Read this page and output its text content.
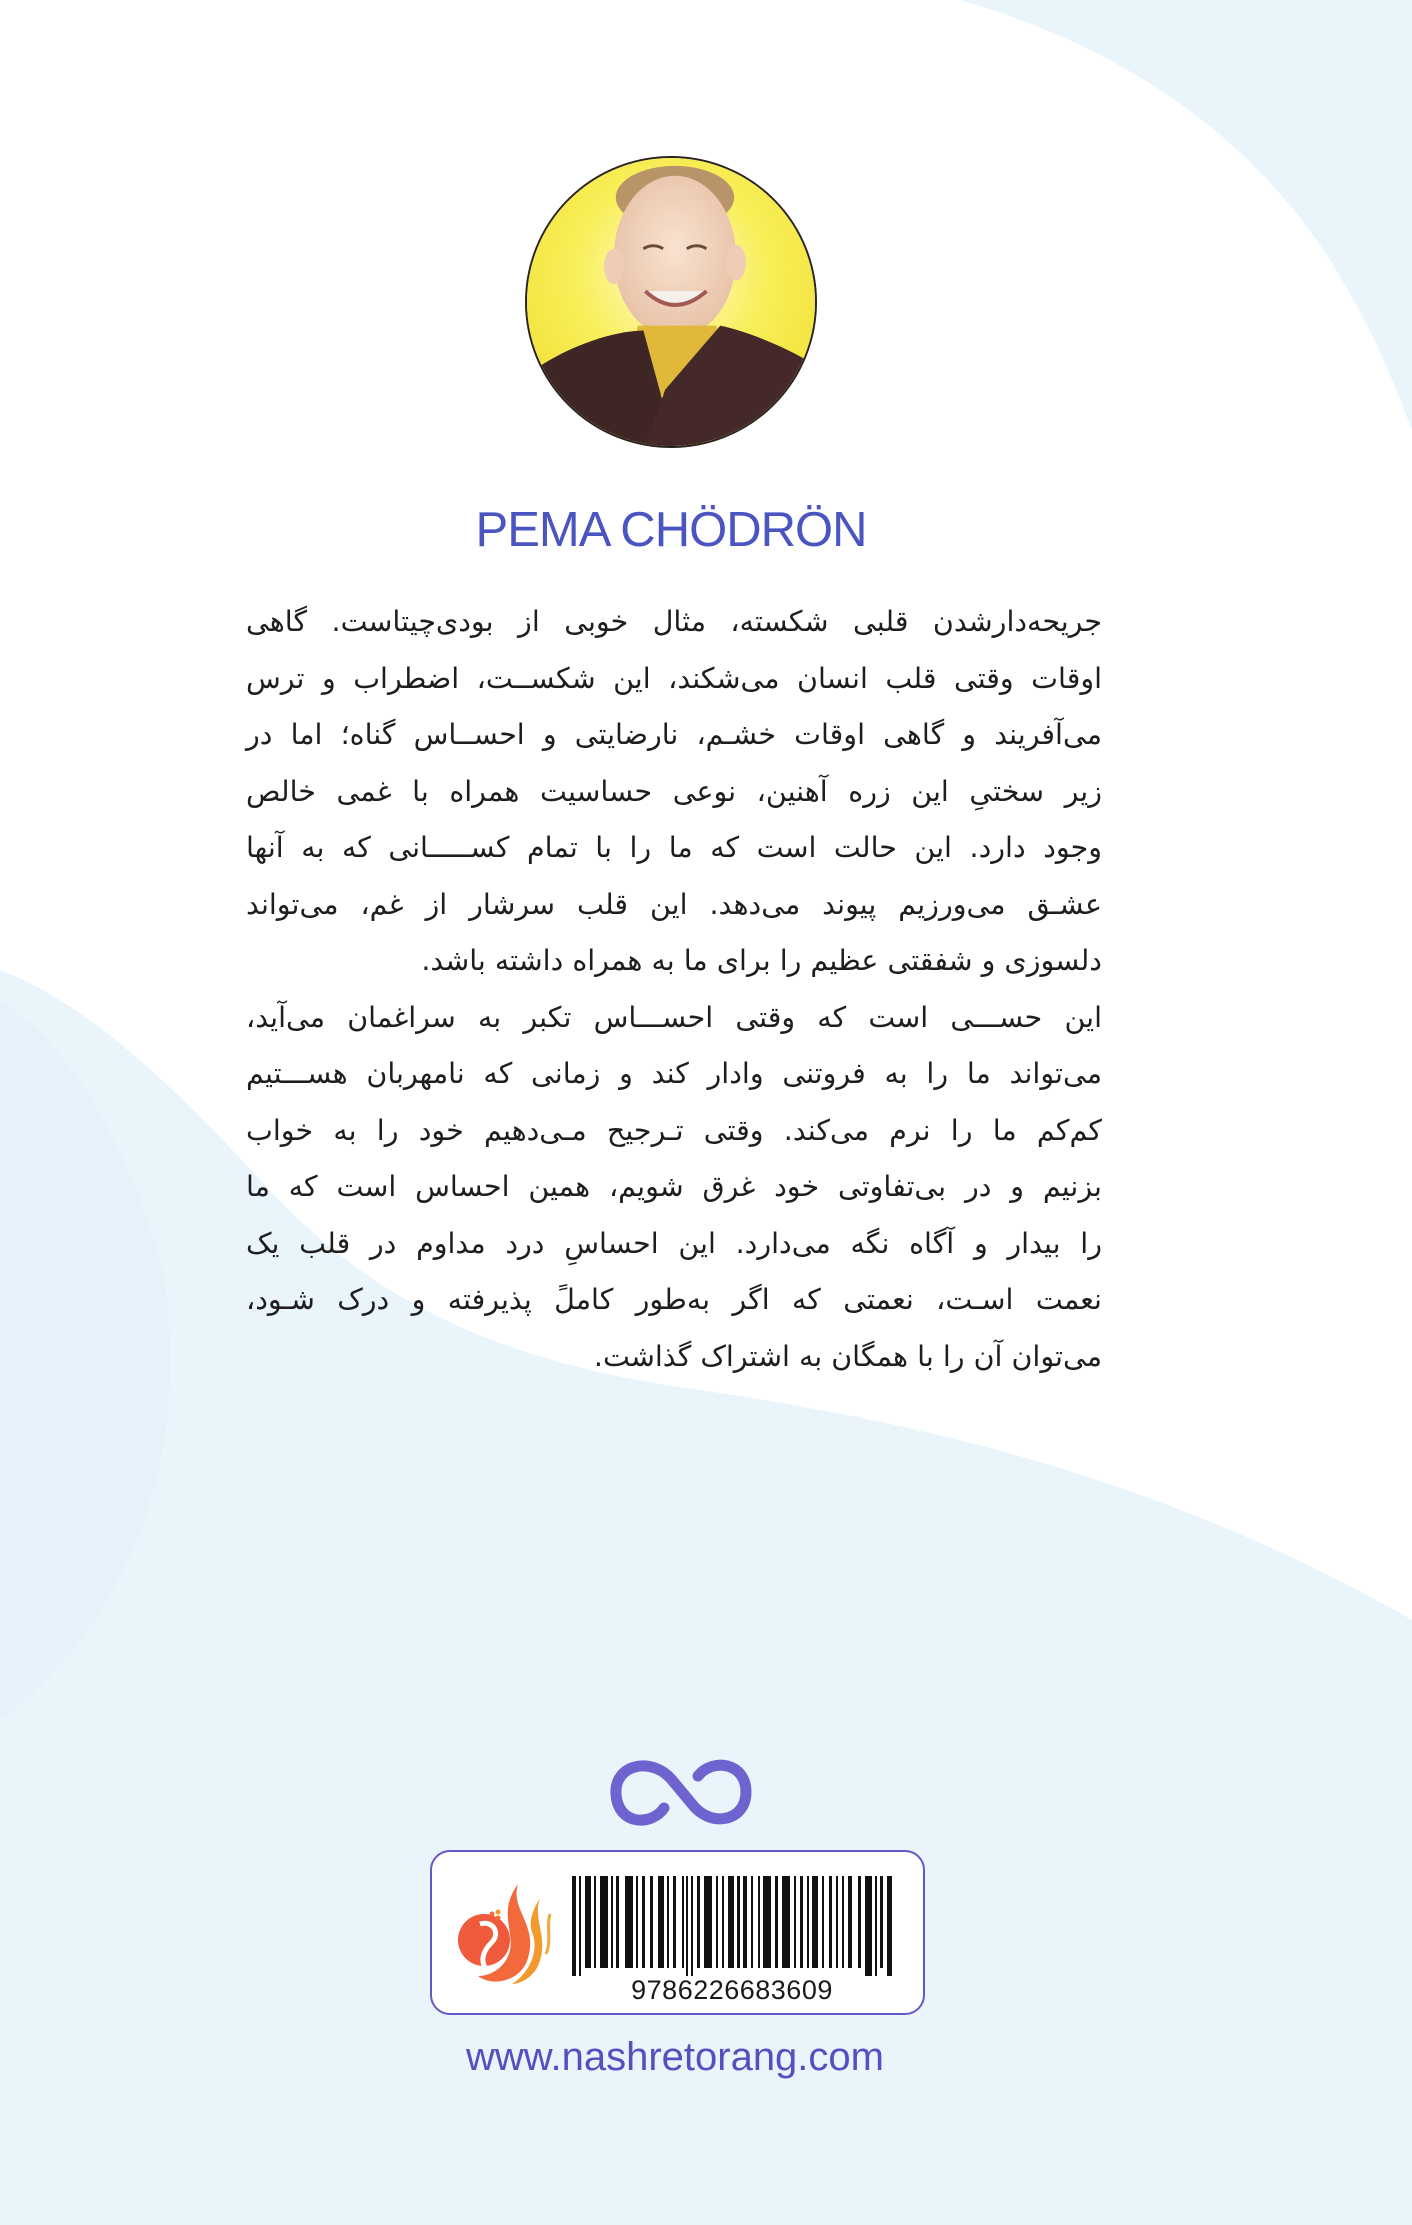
PEMA CHÖDRÖN

جریحه‌دارشدن قلبی شکسته، مثال خوبی از بودی‌چیتاست. گاهی
اوقات وقتی قلب انسان می‌شکند، این شکســت، اضطراب و ترس
می‌آفریند و گاهی اوقات خشـم، نارضایتی و احســاس گناه؛ اما در
زیر سختیِ این زره آهنین، نوعی حساسیت همراه با غمی خالص
وجود دارد. این حالت است که ما را با تمام کســـــانی که به آنها
عشـق می‌ورزیم پیوند می‌دهد. این قلب سرشار از غم، می‌تواند
دلسوزی و شفقتی عظیم را برای ما به همراه داشته باشد.

این حســـی است که وقتی احســـاس تکبر به سراغمان می‌آید،
می‌تواند ما را به فروتنی وادار کند و زمانی که نامهربان هســـتیم
کم‌کم ما را نرم می‌کند. وقتی تـرجیح مـی‌دهیم خود را به خواب
بزنیم و در بی‌تفاوتی خود غرق شویم، همین احساس است که ما
را بیدار و آگاه نگه می‌دارد. این احساسِ درد مداوم در قلب یک
نعمت اسـت، نعمتی که اگر به‌طور کاملً پذیرفته و درک شـود،
می‌توان آن را با همگان به اشتراک گذاشت.

9786226683609
www.nashretorang.com
